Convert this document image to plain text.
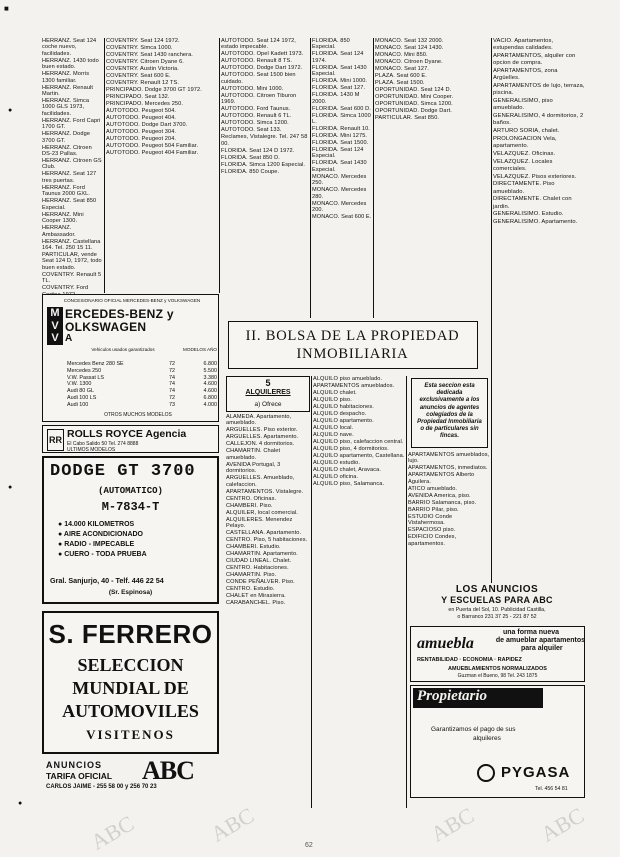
HERRANZ. Seat 124 coche nuevo, facilidades.

HERRANZ. 1430 todo buen estado.

HERRANZ. Morris 1300 familiar.

HERRANZ. Renault Martin.

HERRANZ. Simca 1000 GLS 1973, facilidades.

HERRANZ. Ford Capri 1700 GT.

HERRANZ. Dodge 3700 GT.

HERRANZ. Citroen DS-23 Pallas.

HERRANZ. Citroen GS Club.

HERRANZ. Seat 127 tres puertas.

HERRANZ. Ford Taunus 2000 GXL.

HERRANZ. Seat 850 Especial.

HERRANZ. Mini Cooper 1300.

HERRANZ. Ambassador.

HERRANZ. Castellana 164. Tel. 250 15 11.

PARTICULAR, vende Seat 124 D, 1972, todo buen estado.

COVENTRY. Renault 5 TL.

COVENTRY. Ford

COVENTRY. Seat 124 1972.

COVENTRY. Simca 1000.

COVENTRY. Seat 1430 ranchera.

COVENTRY. Citroen Dyane 6.

COVENTRY. Austin Victoria.

COVENTRY. Seat 600 E.

COVENTRY. Renault 12 TS.

PRINCIPADO. Dodge 3700 GT 1972.

PRINCIPADO. Seat 132.

PRINCIPADO. Mercedes 250.

AUTOTODO. Peugeot 504.

AUTOTODO. Peugeot 404.

AUTOTODO. Dodge Dart 3700.

AUTOTODO. Peugeot 304.

AUTOTODO. Peugeot 204.

AUTOTODO. Peugeot 504 Familiar.

AUTOTODO. Peugeot 404 Familiar.

AUTOTODO. Seat 124 1972, estado impecable.

AUTOTODO. Opel Kadett 1973.

AUTOTODO. Renault 8 TS.

AUTOTODO. Dodge Dart 1972.

AUTOTODO. Seat 1500 bien cuidado.

AUTOTODO. Mini 1000.

AUTOTODO. Citroen Tiburon 1969.

AUTOTODO. Ford Taunus.

AUTOTODO. Renault 6 TL.

AUTOTODO. Simca 1200.

AUTOTODO. Seat 133.

Reclames, Vistalegre. Tel. 247 58 00.

FLORIDA. Seat 124 D 1972.

FLORIDA. Seat 850 D.

FLORIDA. Simca 1200 Especial.

FLORIDA. 850 Coupe.

FLORIDA. 850 Especial.

FLORIDA. Seat 124 1974.

FLORIDA. Seat 1430 Especial.

FLORIDA. Mini 1000.

FLORIDA. Seat 127.

FLORIDA. 1430 M 2000.

FLORIDA. Seat 600 D.

FLORIDA. Simca 1000 L.

FLORIDA. Renault 10.

FLORIDA. Mini 1275.

FLORIDA. Seat 1500.

FLORIDA. Seat 124 Especial.

FLORIDA. Seat 1430 Especial.

MONACO. Mercedes 250.

MONACO. Mercedes 280.

MONACO. Mercedes 200.

MONACO. Seat 600 E.

MONACO. Seat 132 2000.

MONACO. Seat 124 1430.

MONACO. Mini 850.

MONACO. Citroen Dyane.

MONACO. Seat 127.

PLAZA. Seat 600 E.

PLAZA. Seat 1500.

OPORTUNIDAD. Seat 124 D.

OPORTUNIDAD. Mini Cooper.

OPORTUNIDAD. Simca 1200.

OPORTUNIDAD. Dodge Dart.

PARTICULAR. Seat 850.

VACIO. Apartamentos, estupendas calidades.

APARTAMENTOS, alquiler con opcion de compra.

APARTAMENTOS, zona Argüelles.

APARTAMENTOS de lujo, terraza, piscina.

GENERALISIMO, piso amueblado.

GENERALISIMO, 4 dormitorios, 2 baños.

ARTURO SORIA, chalet.

PROLONGACION Vela, apartamento.

VELAZQUEZ. Oficinas.

VELAZQUEZ. Locales comerciales.

VELAZQUEZ. Pisos exteriores.

DIRECTAMENTE. Piso amueblado.

DIRECTAMENTE. Chalet con jardin.

GENERALISIMO. Estudio.

GENERALISIMO. Apartamento.

CONCESIONARIO OFICIAL MERCEDES-BENZ y VOLKSWAGEN
M
V
V
ERCEDES-BENZ y
OLKSWAGEN
A
Vehiculos usados garantizados	MODELOS AÑO
Mercedes Benz 280 SE	72	6.800
Mercedes 250	72	5.500
V.W. Passat LS	74	3.380
V.W. 1300	74	4.600
Audi 80 GL	74	4.600
Audi 100 LS	72	6.800
Audi 100	73	4.000
OTROS MUCHOS MODELOS
RR ROLLS ROYCE Agencia
El Cabo Salido 50 Tel. 274 8888
ULTIMOS MODELOS
DODGE GT 3700
(AUTOMATICO)
M-7834-T
● 14.000 KILOMETROS
● AIRE ACONDICIONADO
● RADIO - IMPECABLE
● CUERO - TODA PRUEBA
Gral. Sanjurjo, 40 - Telf. 446 22 54
(Sr. Espinosa)
S. FERRERO
SELECCION
MUNDIAL DE
AUTOMOVILES
VISITENOS
ANUNCIOS
TARIFA OFICIAL ABC
CARLOS JAIME - 255 58 00 y 256 70 23
II. BOLSA DE LA PROPIEDAD
INMOBILIARIA
5
ALQUILERES
a) Ofrece

ALAMEDA. Apartamento, amueblado.

ARGUELLES. Piso exterior.

ARGUELLES. Apartamento.

CALLEJON. 4 dormitorios.

CHAMARTIN. Chalet amueblado.

AVENIDA Portugal, 3 dormitorios.

ARGUELLES. Amueblado, calefaccion.

APARTAMENTOS. Vistalegre.

CENTRO. Oficinas.

CHAMBERI. Piso.

ALQUILER, local comercial.

ALQUILERES. Menendez Pelayo.

CASTELLANA. Apartamento.

CENTRO. Piso, 5 habitaciones.

CHAMBERI. Estudio.

CHAMARTIN. Apartamento.

CIUDAD LINEAL. Chalet.

CENTRO. Habitaciones.

CHAMARTIN. Piso.

CONDE PEÑALVER. Piso.

CENTRO. Estudio.

CHALET en Mirasierra.

CARABANCHEL. Piso.

ALQUILO piso amueblado.

APARTAMENTOS amueblados.

ALQUILO chalet.

ALQUILO piso.

ALQUILO habitaciones.

ALQUILO despacho.

ALQUILO apartamento.

ALQUILO local.

ALQUILO nave.

ALQUILO piso, calefaccion central.

ALQUILO piso, 4 dormitorios.

ALQUILO apartamento, Castellana.

ALQUILO estudio.

ALQUILO chalet, Aravaca.

ALQUILO oficina.

ALQUILO piso, Salamanca.

Esta seccion esta dedicada exclusivamente a los anuncios de agentes colegiados de la Propiedad Inmobiliaria o de particulares sin fincas.

APARTAMENTOS amueblados, lujo.

APARTAMENTOS, inmediatos.

APARTAMENTOS Alberto Aguilera.

ATICO amueblado.

AVENIDA America, piso.

BARRIO Salamanca, piso.

BARRIO Pilar, piso.

ESTUDIO Conde Vistahermosa.

ESPACIOSO piso.

EDIFICIO Condes, apartamentos.

LOS ANUNCIOS
Y ESCUELAS PARA ABC
en Puerta del Sol, 10. Publicidad Castilla,
o Barranco 231 37 25 - 221 87 52
amuebla
una forma nueva
de amueblar apartamentos
para alquiler
RENTABILIDAD · ECONOMIA · RAPIDEZ
AMUEBLAMIENTOS NORMALIZADOS
Guzman el Bueno, 98 Tel. 243 1875
Propietario
Garantizamos el pago de sus
alquileres
PYGASA
Tel. 456 54 81
62
■
●
●
●
ABC	ABC	ABC	ABC
